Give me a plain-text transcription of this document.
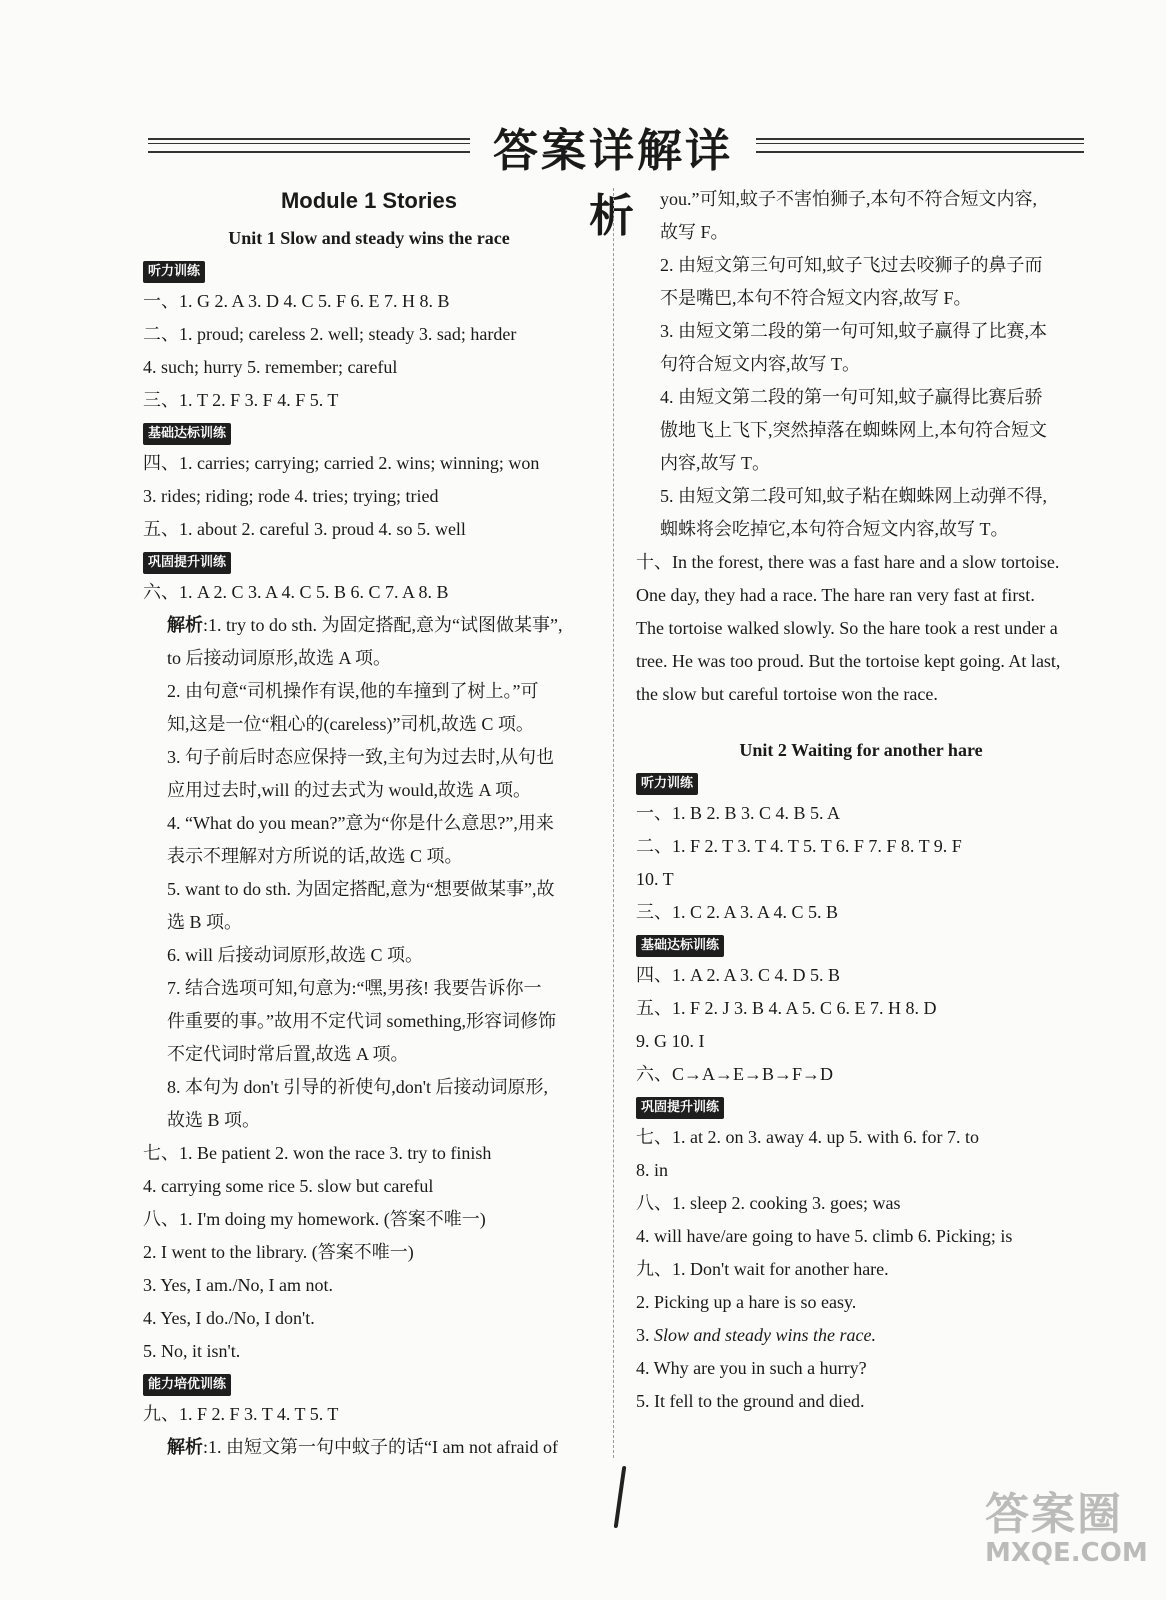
答案详解详析
Module 1 Stories
Unit 1 Slow and steady wins the race
听力训练
一、1. G 2. A 3. D 4. C 5. F 6. E 7. H 8. B
二、1. proud; careless 2. well; steady 3. sad; harder
4. such; hurry 5. remember; careful
三、1. T 2. F 3. F 4. F 5. T
基础达标训练
四、1. carries; carrying; carried 2. wins; winning; won
3. rides; riding; rode 4. tries; trying; tried
五、1. about 2. careful 3. proud 4. so 5. well
巩固提升训练
六、1. A 2. C 3. A 4. C 5. B 6. C 7. A 8. B
解析:1. try to do sth. 为固定搭配,意为“试图做某事”,
to 后接动词原形,故选 A 项。
2. 由句意“司机操作有误,他的车撞到了树上。”可
知,这是一位“粗心的(careless)”司机,故选 C 项。
3. 句子前后时态应保持一致,主句为过去时,从句也
应用过去时,will 的过去式为 would,故选 A 项。
4. “What do you mean?”意为“你是什么意思?”,用来
表示不理解对方所说的话,故选 C 项。
5. want to do sth. 为固定搭配,意为“想要做某事”,故
选 B 项。
6. will 后接动词原形,故选 C 项。
7. 结合选项可知,句意为:“嘿,男孩! 我要告诉你一
件重要的事。”故用不定代词 something,形容词修饰
不定代词时常后置,故选 A 项。
8. 本句为 don't 引导的祈使句,don't 后接动词原形,
故选 B 项。
七、1. Be patient 2. won the race 3. try to finish
4. carrying some rice 5. slow but careful
八、1. I'm doing my homework. (答案不唯一)
2. I went to the library. (答案不唯一)
3. Yes, I am./No, I am not.
4. Yes, I do./No, I don't.
5. No, it isn't.
能力培优训练
九、1. F 2. F 3. T 4. T 5. T
解析:1. 由短文第一句中蚊子的话“I am not afraid of
you.”可知,蚊子不害怕狮子,本句不符合短文内容,
故写 F。
2. 由短文第三句可知,蚊子飞过去咬狮子的鼻子而
不是嘴巴,本句不符合短文内容,故写 F。
3. 由短文第二段的第一句可知,蚊子赢得了比赛,本
句符合短文内容,故写 T。
4. 由短文第二段的第一句可知,蚊子赢得比赛后骄
傲地飞上飞下,突然掉落在蜘蛛网上,本句符合短文
内容,故写 T。
5. 由短文第二段可知,蚊子粘在蜘蛛网上动弹不得,
蜘蛛将会吃掉它,本句符合短文内容,故写 T。
十、In the forest, there was a fast hare and a slow tortoise.
One day, they had a race. The hare ran very fast at first.
The tortoise walked slowly. So the hare took a rest under a
tree. He was too proud. But the tortoise kept going. At last,
the slow but careful tortoise won the race.
Unit 2 Waiting for another hare
听力训练
一、1. B 2. B 3. C 4. B 5. A
二、1. F 2. T 3. T 4. T 5. T 6. F 7. F 8. T 9. F
10. T
三、1. C 2. A 3. A 4. C 5. B
基础达标训练
四、1. A 2. A 3. C 4. D 5. B
五、1. F 2. J 3. B 4. A 5. C 6. E 7. H 8. D
9. G 10. I
六、C→A→E→B→F→D
巩固提升训练
七、1. at 2. on 3. away 4. up 5. with 6. for 7. to
8. in
八、1. sleep 2. cooking 3. goes; was
4. will have/are going to have 5. climb 6. Picking; is
九、1. Don't wait for another hare.
2. Picking up a hare is so easy.
3. Slow and steady wins the race.
4. Why are you in such a hurry?
5. It fell to the ground and died.
答案圈
MXQE.COM
